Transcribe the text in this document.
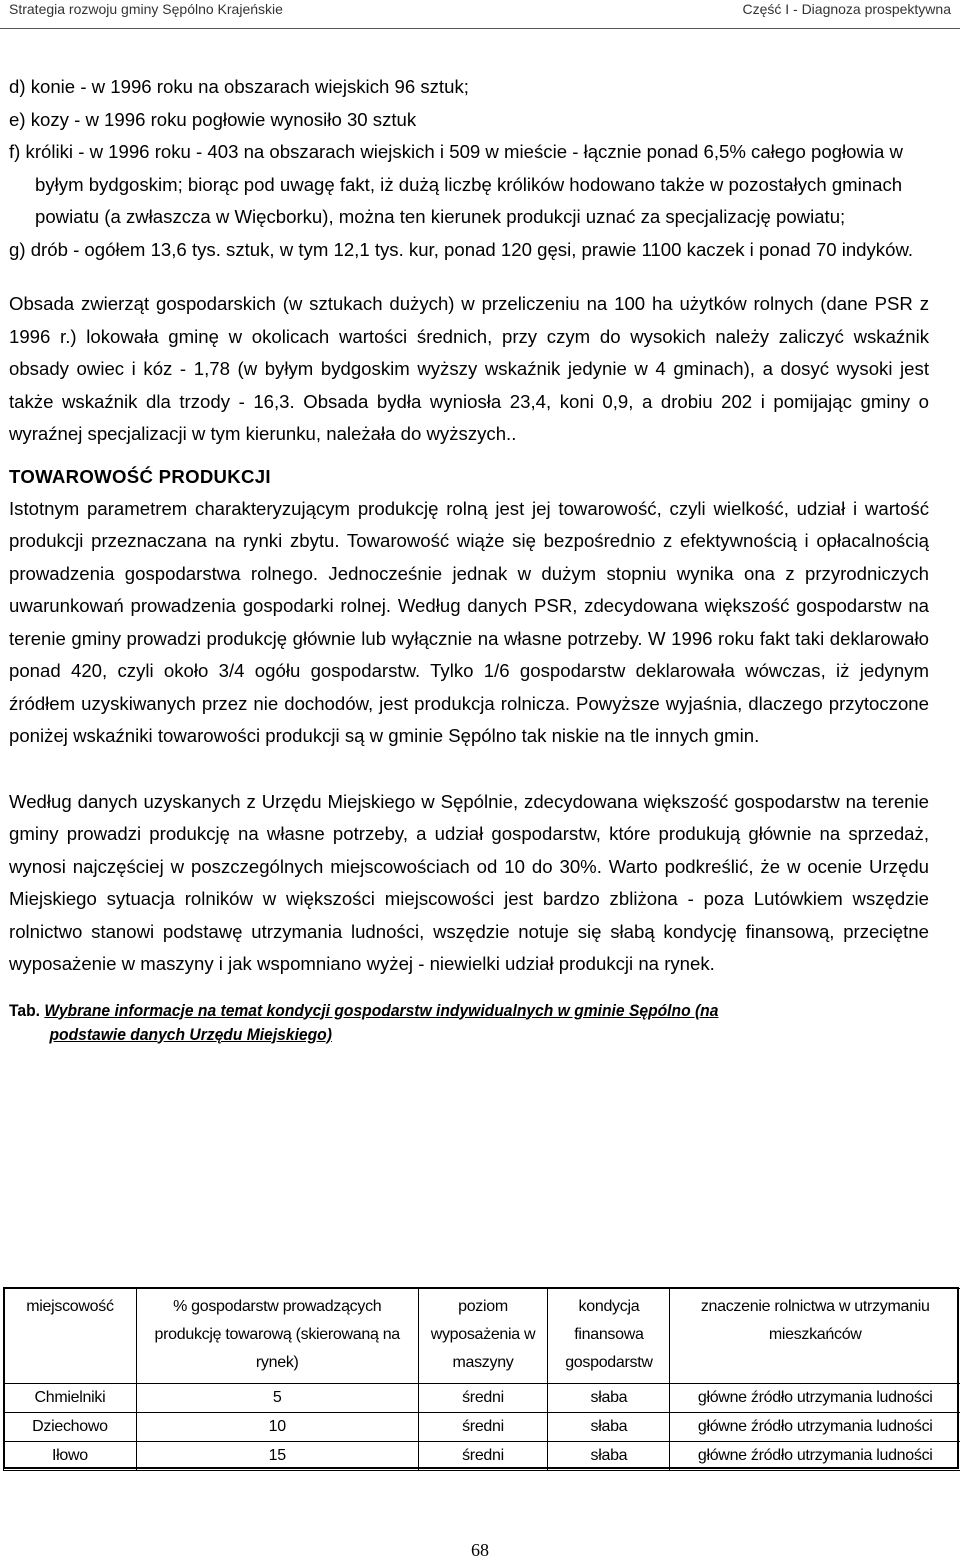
Strategia rozwoju gminy Sępólno Krajeńskie	Część I - Diagnoza prospektywna

d) konie - w 1996 roku na obszarach wiejskich 96 sztuk;

e) kozy - w 1996 roku pogłowie wynosiło 30 sztuk

f) króliki - w 1996 roku - 403 na obszarach wiejskich i 509 w mieście - łącznie ponad 6,5% całego pogłowia w byłym bydgoskim; biorąc pod uwagę fakt, iż dużą liczbę królików hodowano także w pozostałych gminach powiatu (a zwłaszcza w Więcborku), można ten kierunek produkcji uznać za specjalizację powiatu;

g) drób - ogółem 13,6 tys. sztuk, w tym 12,1 tys. kur, ponad 120 gęsi, prawie 1100 kaczek i ponad 70 indyków.

Obsada zwierząt gospodarskich (w sztukach dużych) w przeliczeniu na 100 ha użytków rolnych (dane PSR z 1996 r.) lokowała gminę w okolicach wartości średnich, przy czym do wysokich należy zaliczyć wskaźnik obsady owiec i kóz - 1,78 (w byłym bydgoskim wyższy wskaźnik jedynie w 4 gminach), a dosyć wysoki jest także wskaźnik dla trzody - 16,3. Obsada bydła wyniosła 23,4, koni 0,9, a drobiu 202 i pomijając gminy o wyraźnej specjalizacji w tym kierunku, należała do wyższych..

TOWAROWOŚĆ PRODUKCJI

Istotnym parametrem charakteryzującym produkcję rolną jest jej towarowość, czyli wielkość, udział i wartość produkcji przeznaczana na rynki zbytu. Towarowość wiąże się bezpośrednio z efektywnością i opłacalnością prowadzenia gospodarstwa rolnego. Jednocześnie jednak w dużym stopniu wynika ona z przyrodniczych uwarunkowań prowadzenia gospodarki rolnej. Według danych PSR, zdecydowana większość gospodarstw na terenie gminy prowadzi produkcję głównie lub wyłącznie na własne potrzeby. W 1996 roku fakt taki deklarowało ponad 420, czyli około 3/4 ogółu gospodarstw. Tylko 1/6 gospodarstw deklarowała wówczas, iż jedynym źródłem uzyskiwanych przez nie dochodów, jest produkcja rolnicza. Powyższe wyjaśnia, dlaczego przytoczone poniżej wskaźniki towarowości produkcji są w gminie Sępólno tak niskie na tle innych gmin.

Według danych uzyskanych z Urzędu Miejskiego w Sępólnie, zdecydowana większość gospodarstw na terenie gminy prowadzi produkcję na własne potrzeby, a udział gospodarstw, które produkują głównie na sprzedaż, wynosi najczęściej w poszczególnych miejscowościach od 10 do 30%. Warto podkreślić, że w ocenie Urzędu Miejskiego sytuacja rolników w większości miejscowości jest bardzo zbliżona - poza Lutówkiem wszędzie rolnictwo stanowi podstawę utrzymania ludności, wszędzie notuje się słabą kondycję finansową, przeciętne wyposażenie w maszyny i jak wspomniano wyżej - niewielki udział produkcji na rynek.

Tab. Wybrane informacje na temat kondycji gospodarstw indywidualnych w gminie Sępólno (na
podstawie danych Urzędu Miejskiego)
miejscowość	% gospodarstw prowadzących produkcję towarową (skierowaną na rynek)	poziom wyposażenia w maszyny	kondycja finansowa gospodarstw	znaczenie rolnictwa w utrzymaniu mieszkańców
Chmielniki	5	średni	słaba	główne źródło utrzymania ludności
Dziechowo	10	średni	słaba	główne źródło utrzymania ludności
Iłowo	15	średni	słaba	główne źródło utrzymania ludności
68
